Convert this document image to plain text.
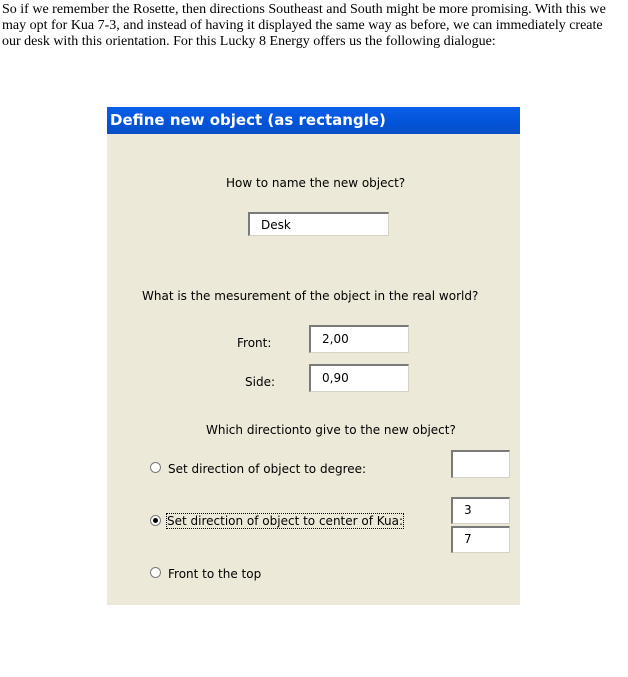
So if we remember the Rosette, then directions Southeast and South might be more promising. With this we may opt for Kua 7-3, and instead of having it displayed the same way as before, we can immediately create our desk with this orientation. For this Lucky 8 Energy offers us the following dialogue:
Define new object (as rectangle)
How to name the new object?
Desk
What is the mesurement of the object in the real world?
Front:	2,00
Side:	0,90
Which directionto give to the new object?
Set direction of object to degree:
Set direction of object to center of Kua:
3
7
Front to the top
